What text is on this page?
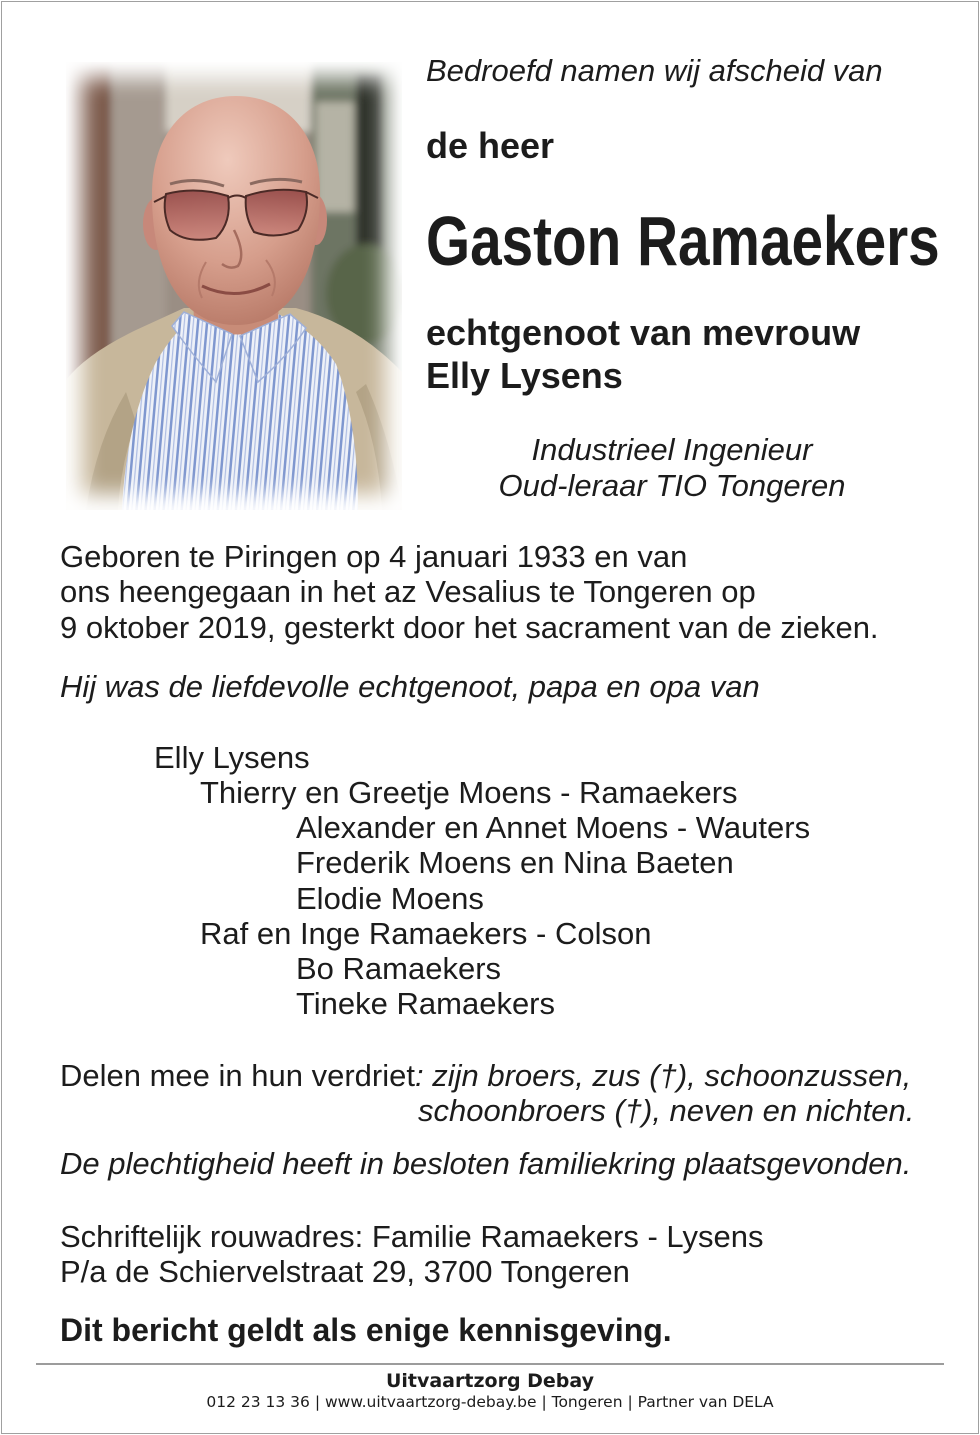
Bedroefd namen wij afscheid van
de heer
Gaston Ramaekers
echtgenoot van mevrouw
Elly Lysens
Industrieel Ingenieur
Oud-leraar TIO Tongeren
Geboren te Piringen op 4 januari 1933 en van
ons heengegaan in het az Vesalius te Tongeren op
9 oktober 2019, gesterkt door het sacrament van de zieken.
Hij was de liefdevolle echtgenoot, papa en opa van
Elly Lysens
Thierry en Greetje Moens - Ramaekers
Alexander en Annet Moens - Wauters
Frederik Moens en Nina Baeten
Elodie Moens
Raf en Inge Ramaekers - Colson
Bo Ramaekers
Tineke Ramaekers
Delen mee in hun verdriet: zijn broers, zus (†), schoonzussen,
schoonbroers (†), neven en nichten.
De plechtigheid heeft in besloten familiekring plaatsgevonden.
Schriftelijk rouwadres: Familie Ramaekers - Lysens
P/a de Schiervelstraat 29, 3700 Tongeren
Dit bericht geldt als enige kennisgeving.
Uitvaartzorg Debay
012 23 13 36 | www.uitvaartzorg-debay.be | Tongeren | Partner van DELA
